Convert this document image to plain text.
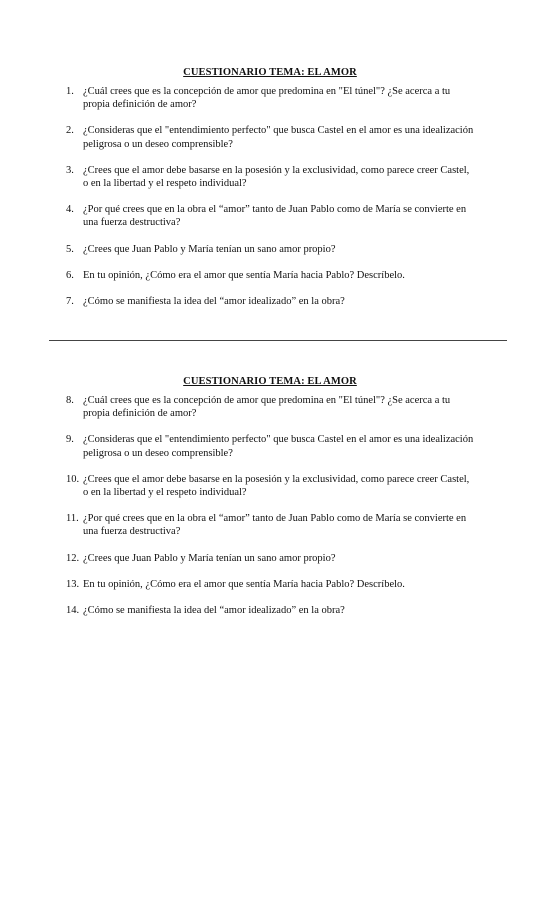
CUESTIONARIO TEMA: EL AMOR
1. ¿Cuál crees que es la concepción de amor que predomina en "El túnel"? ¿Se acerca a tu propia definición de amor?
2. ¿Consideras que el "entendimiento perfecto" que busca Castel en el amor es una idealización peligrosa o un deseo comprensible?
3. ¿Crees que el amor debe basarse en la posesión y la exclusividad, como parece creer Castel, o en la libertad y el respeto individual?
4. ¿Por qué crees que en la obra el “amor” tanto de Juan Pablo como de María se convierte en una fuerza destructiva?
5. ¿Crees que Juan Pablo y María tenían un sano amor propio?
6. En tu opinión, ¿Cómo era el amor que sentía María hacia Pablo? Descríbelo.
7. ¿Cómo se manifiesta la idea del “amor idealizado” en la obra?
CUESTIONARIO TEMA: EL AMOR
8. ¿Cuál crees que es la concepción de amor que predomina en "El túnel"? ¿Se acerca a tu propia definición de amor?
9. ¿Consideras que el "entendimiento perfecto" que busca Castel en el amor es una idealización peligrosa o un deseo comprensible?
10. ¿Crees que el amor debe basarse en la posesión y la exclusividad, como parece creer Castel, o en la libertad y el respeto individual?
11. ¿Por qué crees que en la obra el “amor” tanto de Juan Pablo como de María se convierte en una fuerza destructiva?
12. ¿Crees que Juan Pablo y María tenían un sano amor propio?
13. En tu opinión, ¿Cómo era el amor que sentía María hacia Pablo? Descríbelo.
14. ¿Cómo se manifiesta la idea del “amor idealizado” en la obra?
